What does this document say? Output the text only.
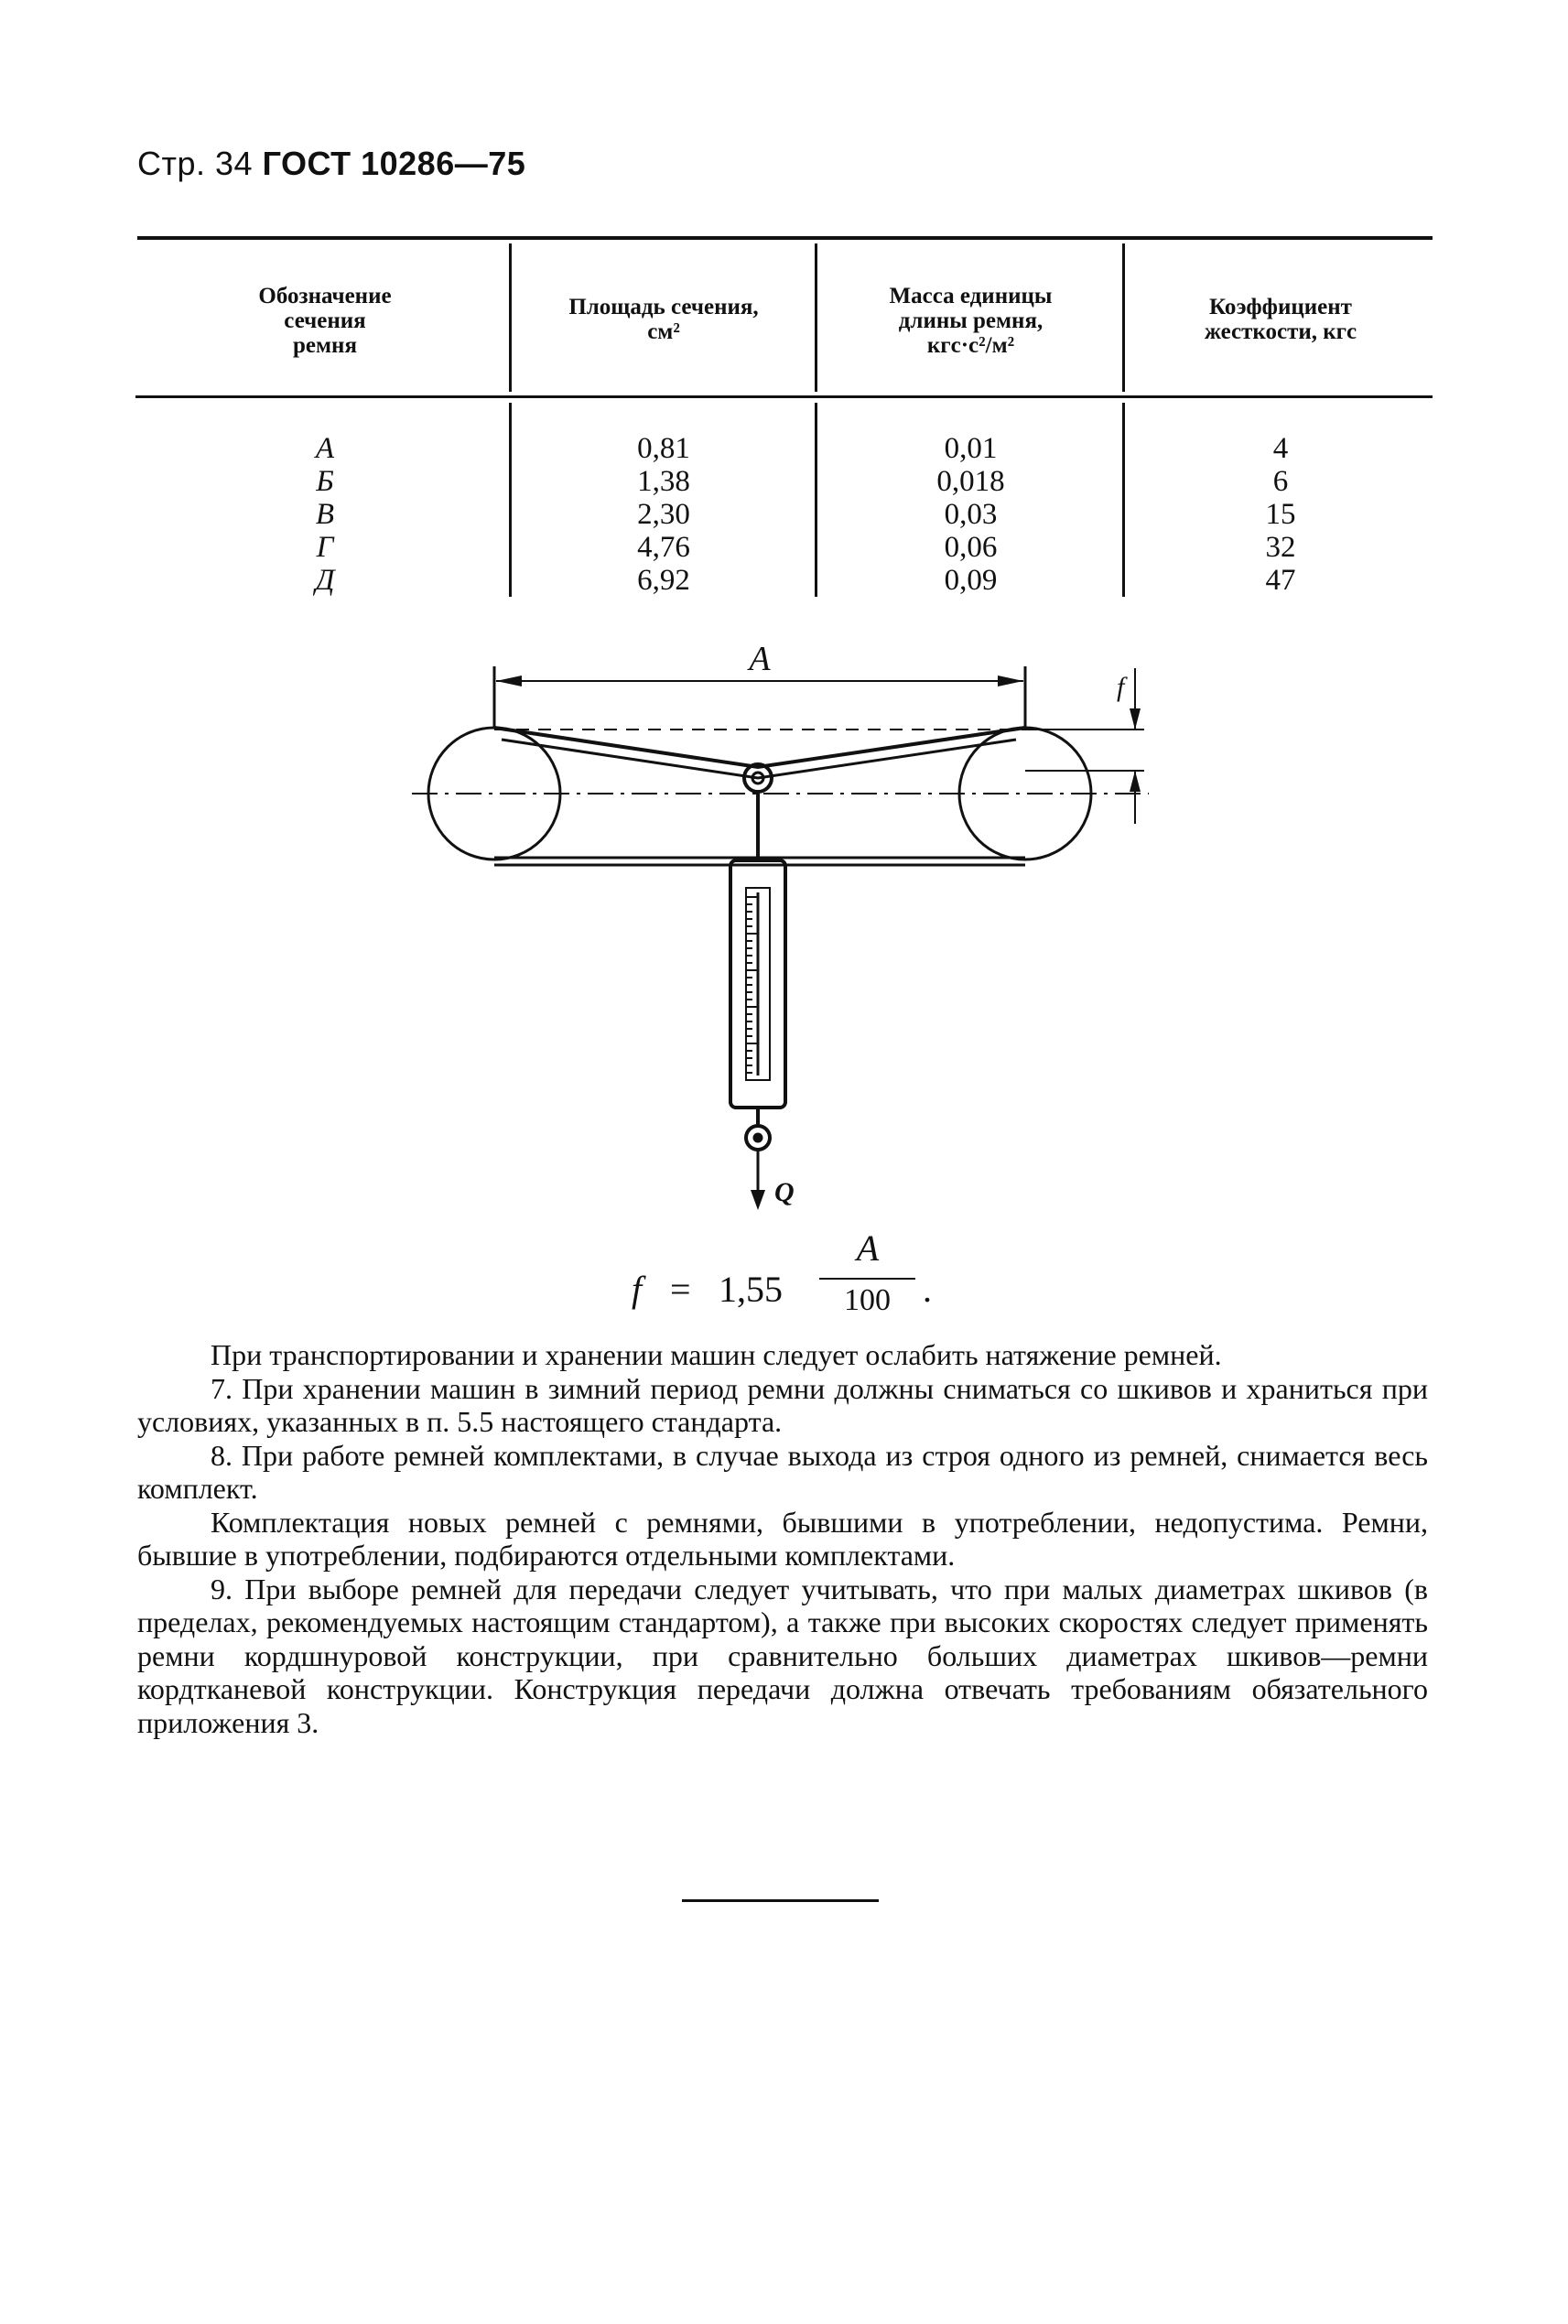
Стр. 34 ГОСТ 10286—75
Обозначение
сечения
ремня
Площадь сечения,
см²
Масса единицы
длины ремня,
кгс·с²/м²
Коэффициент
жесткости, кгс
А
Б
В
Г
Д
0,81
1,38
2,30
4,76
6,92
0,01
0,018
0,03
0,06
0,09
4
6
15
32
47
A
f
Q
f = 1,55
A
100 .

При транспортировании и хранении машин следует ослабить натяжение ремней.

7. При хранении машин в зимний период ремни должны сниматься со шкивов и храниться при условиях, указанных в п. 5.5 настоящего стандарта.

8. При работе ремней комплектами, в случае выхода из строя одного из ремней, снимается весь комплект.

Комплектация новых ремней с ремнями, бывшими в употреблении, недопустима. Ремни, бывшие в употреблении, подбираются отдельными комплектами.

9. При выборе ремней для передачи следует учитывать, что при малых диаметрах шкивов (в пределах, рекомендуемых настоящим стандартом), а также при высоких скоростях следует применять ремни кордшнуровой конструкции, при сравнительно больших диаметрах шкивов—ремни кордтканевой конструкции. Конструкция передачи должна отвечать требованиям обязательного приложения 3.
